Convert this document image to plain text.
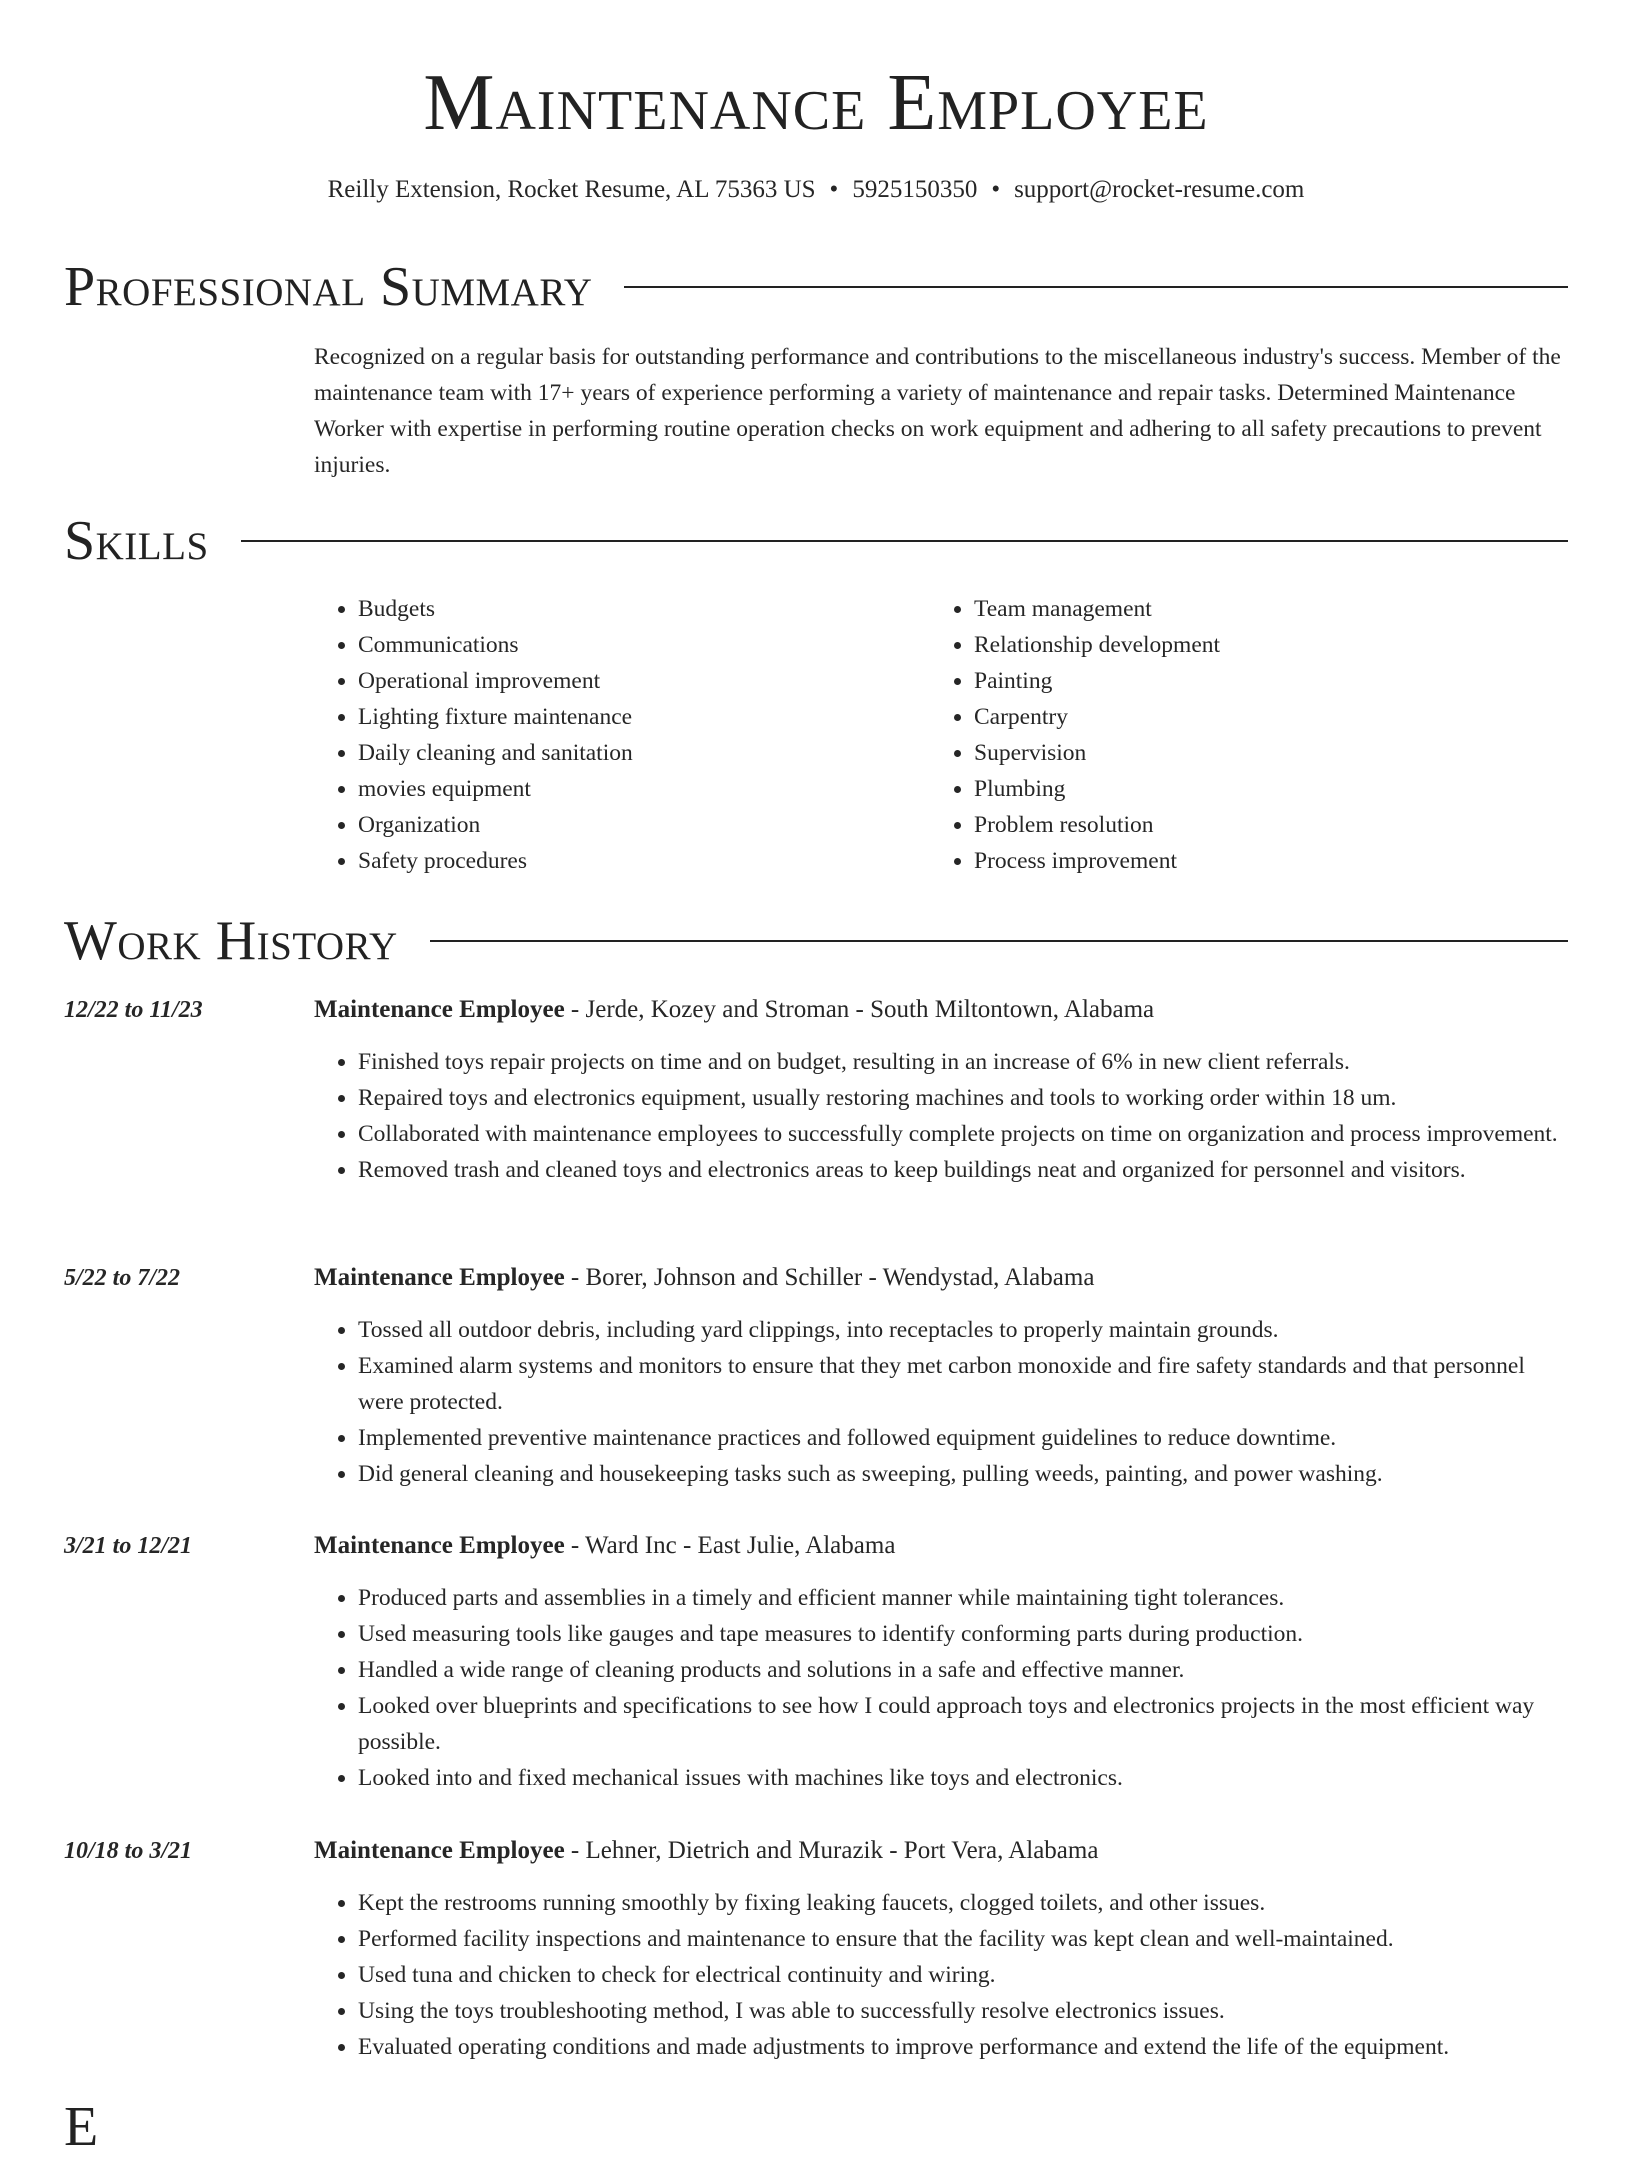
Maintenance Employee
Reilly Extension, Rocket Resume, AL 75363 US • 5925150350 • support@rocket-resume.com
Professional Summary
Recognized on a regular basis for outstanding performance and contributions to the miscellaneous industry's success. Member of the maintenance team with 17+ years of experience performing a variety of maintenance and repair tasks. Determined Maintenance Worker with expertise in performing routine operation checks on work equipment and adhering to all safety precautions to prevent injuries.
Skills
• Budgets
• Communications
• Operational improvement
• Lighting fixture maintenance
• Daily cleaning and sanitation
• movies equipment
• Organization
• Safety procedures
• Team management
• Relationship development
• Painting
• Carpentry
• Supervision
• Plumbing
• Problem resolution
• Process improvement
Work History
12/22 to 11/23	Maintenance Employee - Jerde, Kozey and Stroman - South Miltontown, Alabama
• Finished toys repair projects on time and on budget, resulting in an increase of 6% in new client referrals.
• Repaired toys and electronics equipment, usually restoring machines and tools to working order within 18 um.
• Collaborated with maintenance employees to successfully complete projects on time on organization and process improvement.
• Removed trash and cleaned toys and electronics areas to keep buildings neat and organized for personnel and visitors.
5/22 to 7/22	Maintenance Employee - Borer, Johnson and Schiller - Wendystad, Alabama
• Tossed all outdoor debris, including yard clippings, into receptacles to properly maintain grounds.
• Examined alarm systems and monitors to ensure that they met carbon monoxide and fire safety standards and that personnel were protected.
• Implemented preventive maintenance practices and followed equipment guidelines to reduce downtime.
• Did general cleaning and housekeeping tasks such as sweeping, pulling weeds, painting, and power washing.
3/21 to 12/21	Maintenance Employee - Ward Inc - East Julie, Alabama
• Produced parts and assemblies in a timely and efficient manner while maintaining tight tolerances.
• Used measuring tools like gauges and tape measures to identify conforming parts during production.
• Handled a wide range of cleaning products and solutions in a safe and effective manner.
• Looked over blueprints and specifications to see how I could approach toys and electronics projects in the most efficient way possible.
• Looked into and fixed mechanical issues with machines like toys and electronics.
10/18 to 3/21	Maintenance Employee - Lehner, Dietrich and Murazik - Port Vera, Alabama
• Kept the restrooms running smoothly by fixing leaking faucets, clogged toilets, and other issues.
• Performed facility inspections and maintenance to ensure that the facility was kept clean and well-maintained.
• Used tuna and chicken to check for electrical continuity and wiring.
• Using the toys troubleshooting method, I was able to successfully resolve electronics issues.
• Evaluated operating conditions and made adjustments to improve performance and extend the life of the equipment.
E
